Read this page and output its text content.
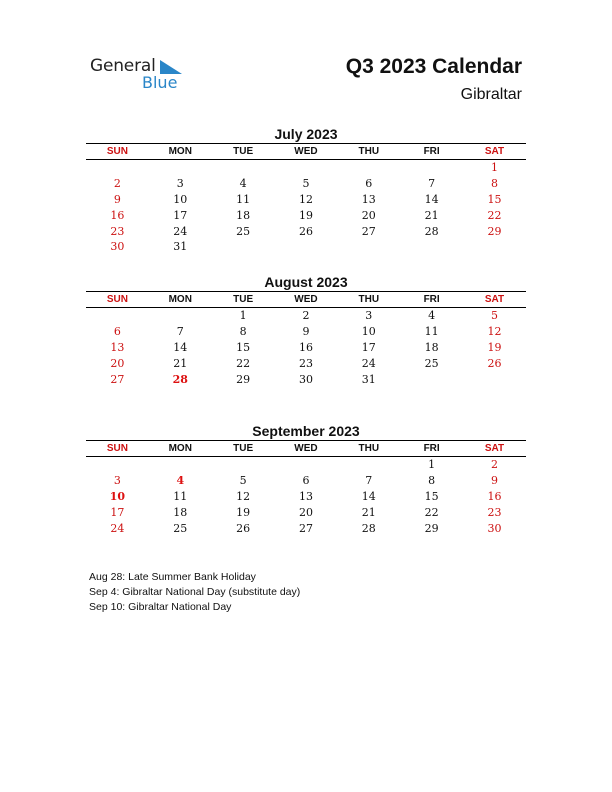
General
Blue
Q3 2023 Calendar
Gibraltar
July 2023
SUN	MON	TUE	WED	THU	FRI	SAT
						1
2	3	4	5	6	7	8
9	10	11	12	13	14	15
16	17	18	19	20	21	22
23	24	25	26	27	28	29
30	31					
August 2023
SUN	MON	TUE	WED	THU	FRI	SAT
		1	2	3	4	5
6	7	8	9	10	11	12
13	14	15	16	17	18	19
20	21	22	23	24	25	26
27	28	29	30	31		
September 2023
SUN	MON	TUE	WED	THU	FRI	SAT
					1	2
3	4	5	6	7	8	9
10	11	12	13	14	15	16
17	18	19	20	21	22	23
24	25	26	27	28	29	30
Aug 28: Late Summer Bank Holiday
Sep 4: Gibraltar National Day (substitute day)
Sep 10: Gibraltar National Day
